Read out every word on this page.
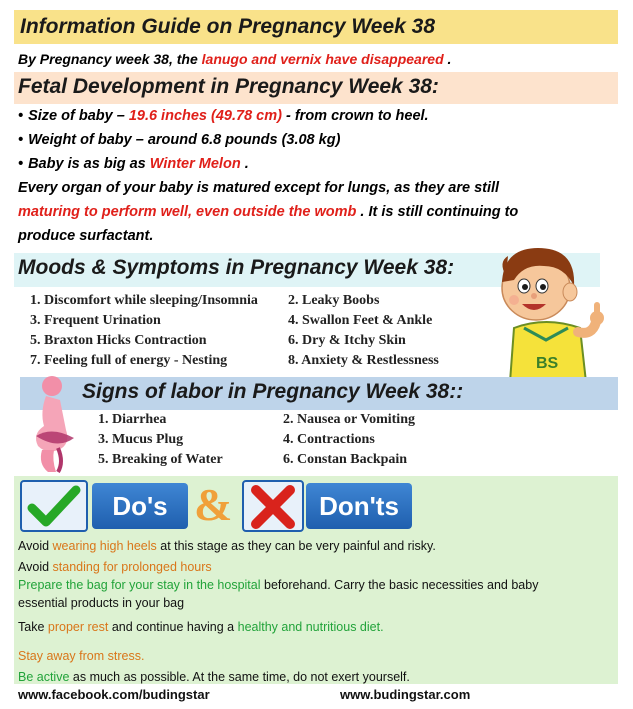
Information Guide on Pregnancy Week 38
By Pregnancy week 38, the lanugo and vernix have disappeared .
Fetal Development in Pregnancy Week 38:
• Size of baby – 19.6 inches (49.78 cm) - from crown to heel.
• Weight of baby – around 6.8 pounds (3.08 kg)
• Baby is as big as Winter Melon .
Every organ of your baby is matured except for lungs, as they are still
maturing to perform well, even outside the womb . It is still continuing to produce surfactant.
Moods & Symptoms in Pregnancy Week 38:
1. Discomfort while sleeping/Insomnia 2. Leaky Boobs
3. Frequent Urination	4. Swallon Feet & Ankle
5. Braxton Hicks Contraction	6. Dry & Itchy Skin
7. Feeling full of energy - Nesting	8. Anxiety & Restlessness	BS
Signs of labor in Pregnancy Week 38::
1. Diarrhea	2. Nausea or Vomiting
3. Mucus Plug	4. Contractions
5. Breaking of Water	6. Constan Backpain
Do's &	Don'ts
Avoid wearing high heels at this stage as they can be very painful and risky.
Avoid standing for prolonged hours
Prepare the bag for your stay in the hospital beforehand. Carry the basic necessities and baby essential products in your bag
Take proper rest and continue having a healthy and nutritious diet.
Stay away from stress.
Be active as much as possible. At the same time, do not exert yourself.
www.facebook.com/budingstar	www.budingstar.com
